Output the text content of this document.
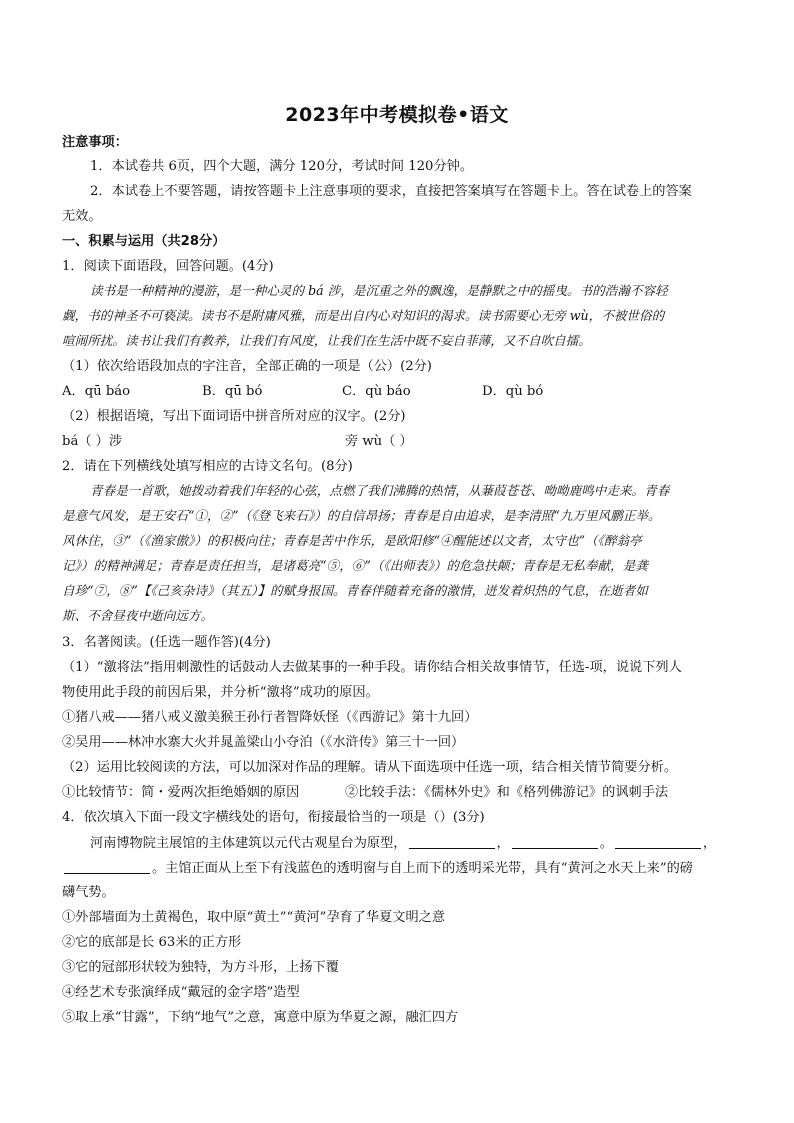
2023年中考模拟卷•语文
注意事项：
1．本试卷共 6页，四个大题，满分 120分，考试时间 120分钟。
2．本试卷上不要答题，请按答题卡上注意事项的要求，直接把答案填写在答题卡上。答在试卷上的答案
无效。
一、积累与运用（共28分）
1．阅读下面语段，回答问题。(4分)
读书是一种精神的漫游，是一种心灵的 bá 涉，是沉重之外的飘逸，是静默之中的摇曳。书的浩瀚不容轻
觑，书的神圣不可亵渎。读书不是附庸风雅，而是出自内心对知识的渴求。读书需要心无旁 wù，不被世俗的
喧闹所扰。读书让我们有教养，让我们有风度，让我们在生活中既不妄自菲薄，又不自吹自擂。
（1）依次给语段加点的字注音，全部正确的一项是（公）(2分)
A．qū báo	B．qū bó	C．qù báo	D．qù bó
（2）根据语境，写出下面词语中拼音所对应的汉字。(2分)
bá（ ）涉	旁 wù（ ）
2．请在下列横线处填写相应的古诗文名句。(8分)
青春是一首歌，她拨动着我们年轻的心弦，点燃了我们沸腾的热情，从蒹葭苍苍、呦呦鹿鸣中走来。青春
是意气风发，是王安石“①，②”（《登飞来石》）的自信昂扬；青春是自由追求，是李清照“九万里风鹏正举。
风休住，③”（《渔家傲》）的积极向往；青春是苦中作乐，是欧阳修“④醒能述以文者，太守也”（《醉翁亭
记》）的精神满足；青春是责任担当，是诸葛亮“⑤，⑥”（《出师表》）的危急扶颠；青春是无私奉献，是龚
自珍“⑦，⑧”【《己亥杂诗》（其五）】的赋身报国。青春伴随着充备的激情，迸发着炽热的气息，在逝者如
斯、不舍昼夜中逝向远方。
3．名著阅读。(任选一题作答)(4分)
（1）“激将法”指用刺激性的话鼓动人去做某事的一种手段。请你结合相关故事情节，任选-项，说说下列人
物使用此手段的前因后果，并分析“激将”成功的原因。
①猪八戒——猪八戒义激美猴王孙行者智降妖怪（《西游记》第十九回）
②吴用——林冲水寨大火并晁盖梁山小夺泊（《水浒传》第三十一回）
（2）运用比较阅读的方法，可以加深对作品的理解。请从下面选项中任选一项，结合相关情节简要分析。
①比较情节：简・爱两次拒绝婚姻的原因	②比较手法：《儒林外史》和《格列佛游记》的讽刺手法
4．依次填入下面一段文字横线处的语句，衔接最恰当的一项是（）(3分)
河南博物院主展馆的主体建筑以元代古观星台为原型，	，	。	，
。主馆正面从上至下有浅蓝色的透明窗与自上而下的透明采光带，具有“黄河之水天上来”的磅
礴气势。
①外部墙面为土黄褐色，取中原“黄土”“黄河”孕育了华夏文明之意
②它的底部是长 63米的正方形
③它的冠部形状较为独特，为方斗形，上扬下覆
④经艺术专张演绎成“戴冠的金字塔”造型
⑤取上承“甘露”，下纳“地气”之意，寓意中原为华夏之源，融汇四方
